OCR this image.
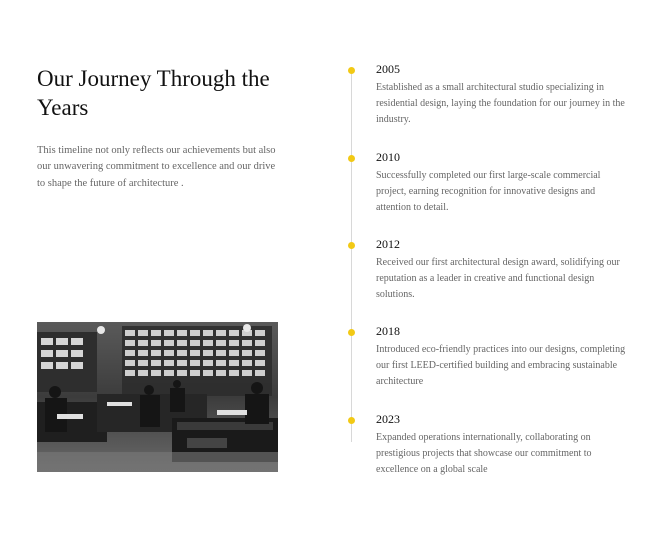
Our Journey Through the Years

This timeline not only reflects our achievements but also our unwavering commitment to excellence and our drive to shape the future of architecture .

2005
Established as a small architectural studio specializing in residential design, laying the foundation for our journey in the industry.
2010
Successfully completed our first large-scale commercial project, earning recognition for innovative designs and attention to detail.
2012
Received our first architectural design award, solidifying our reputation as a leader in creative and functional design solutions.
2018
Introduced eco-friendly practices into our designs, completing our first LEED-certified building and embracing sustainable architecture
2023
Expanded operations internationally, collaborating on prestigious projects that showcase our commitment to excellence on a global scale
